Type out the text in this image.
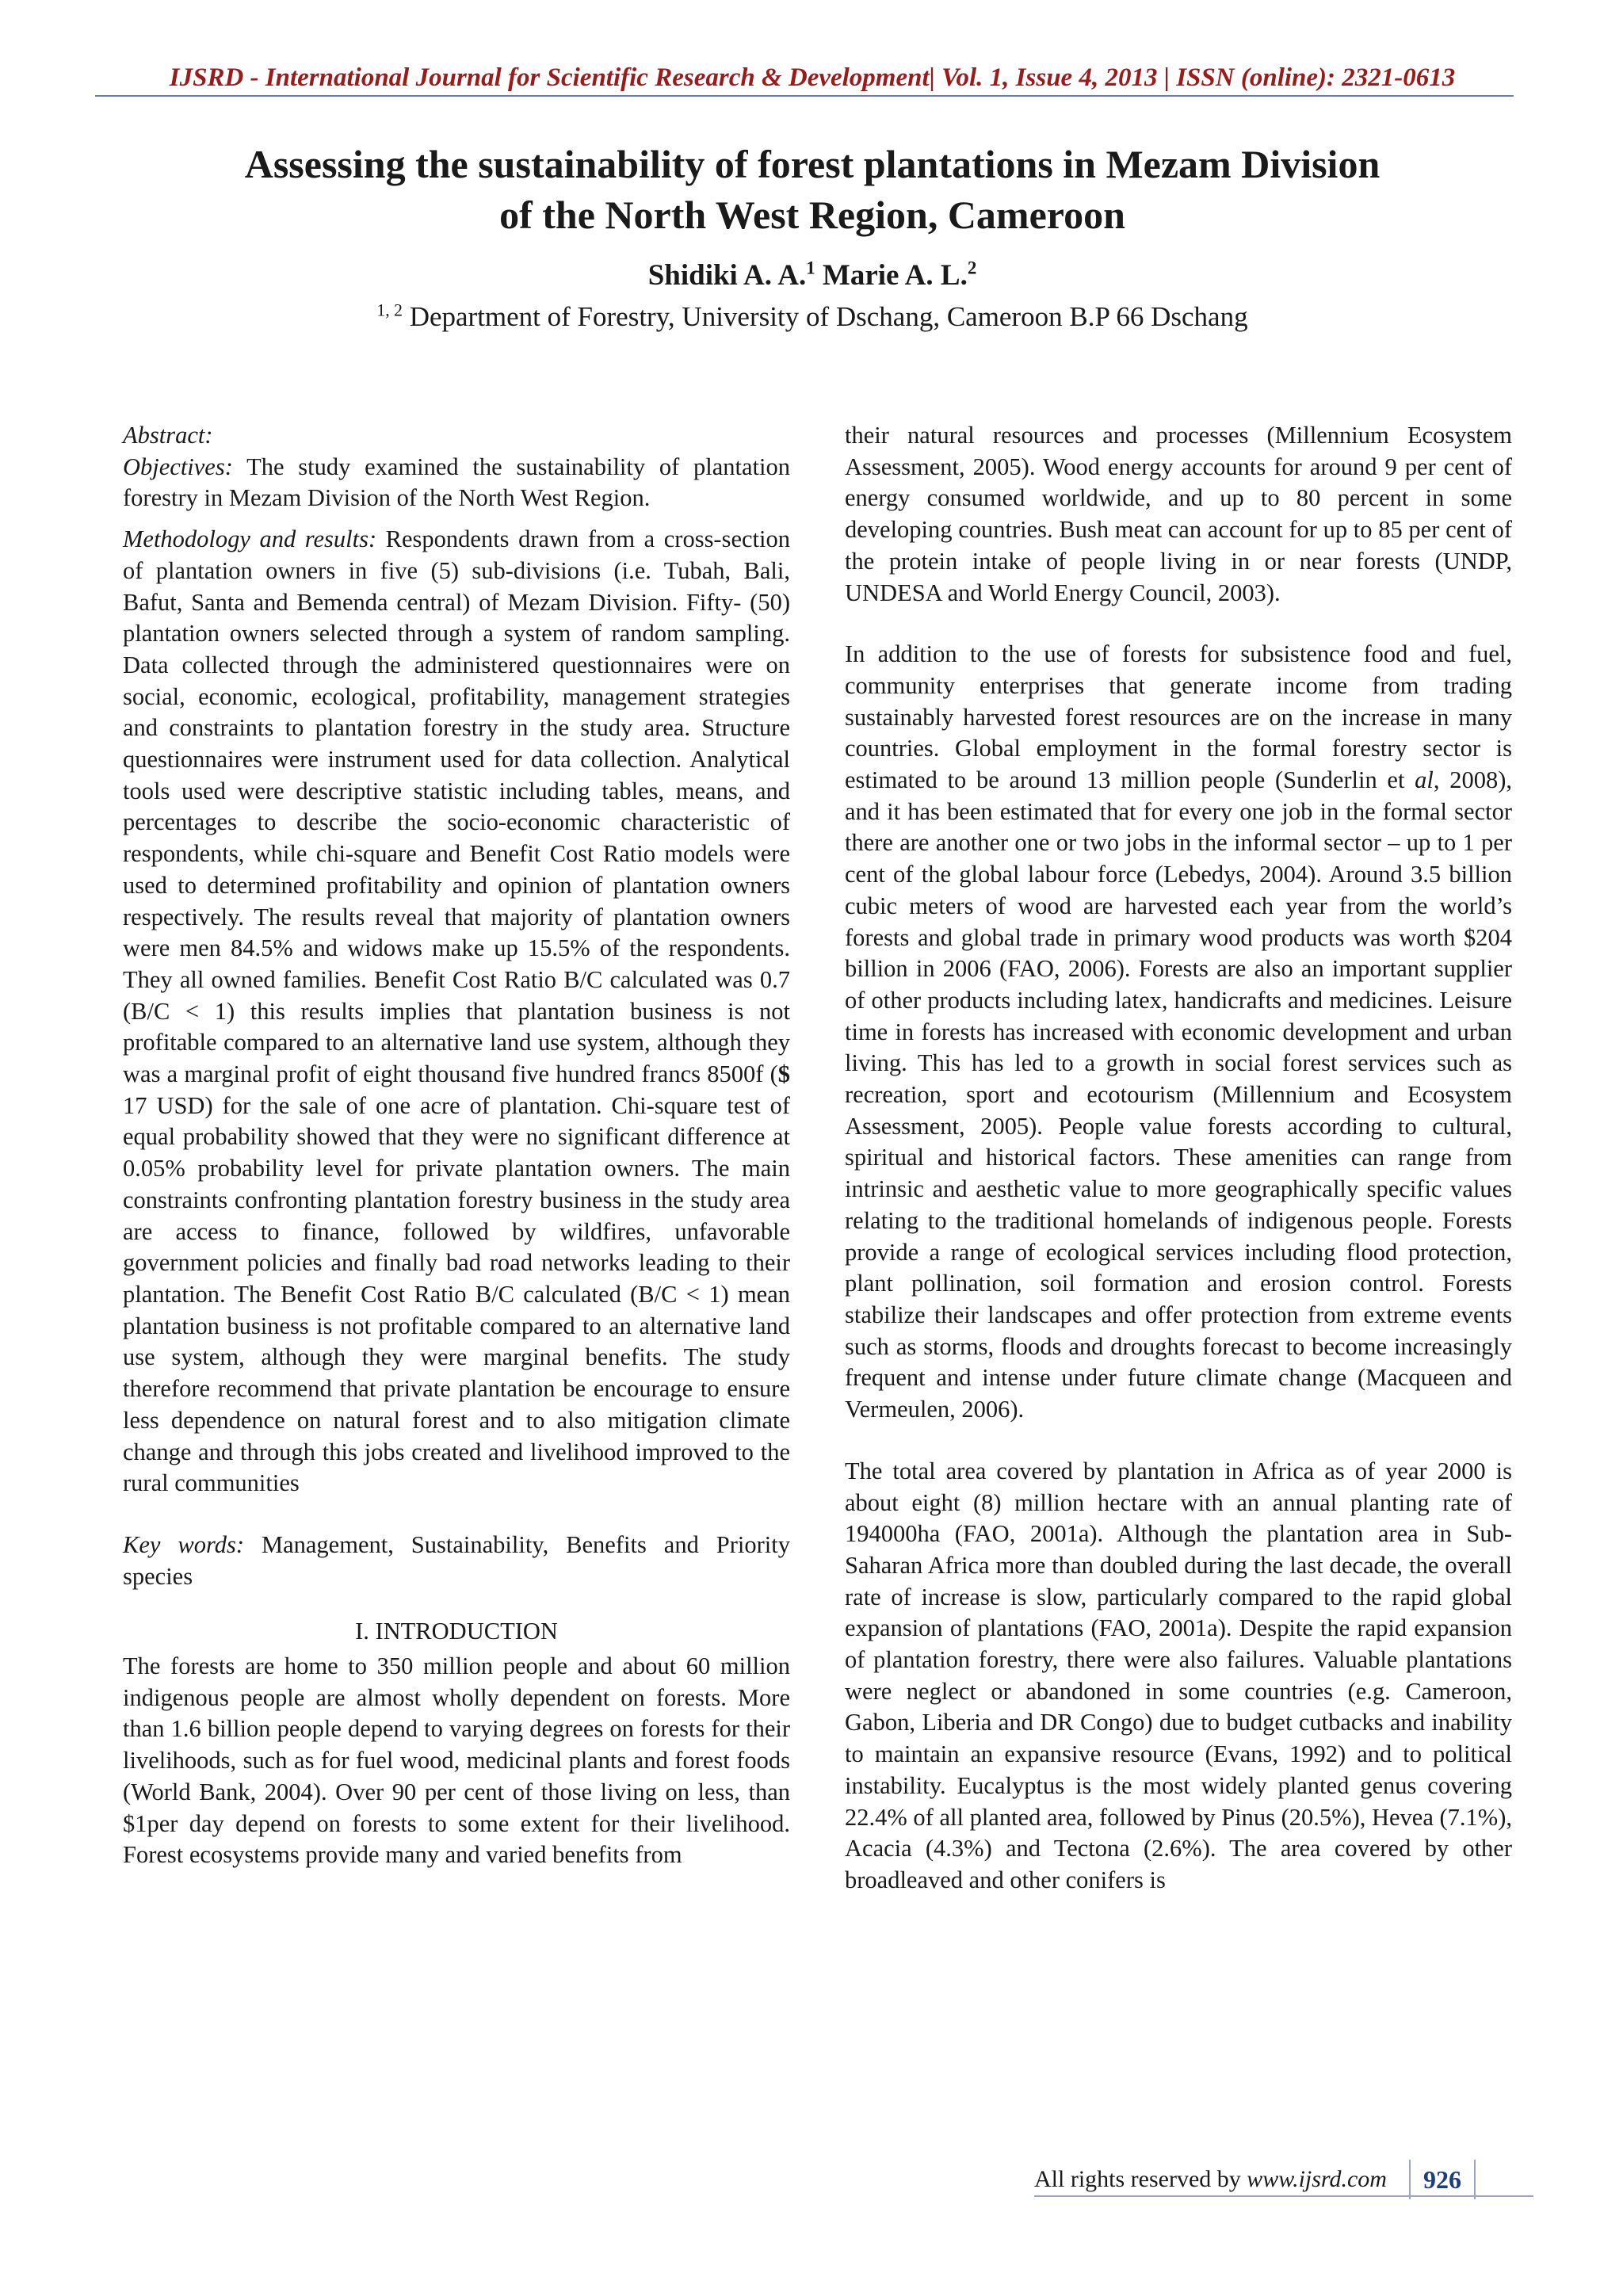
IJSRD - International Journal for Scientific Research & Development| Vol. 1, Issue 4, 2013 | ISSN (online): 2321-0613
Assessing the sustainability of forest plantations in Mezam Division
of the North West Region, Cameroon
Shidiki A. A.$^1$ Marie A. L.$^2$
$^{1, 2}$ Department of Forestry, University of Dschang, Cameroon B.P 66 Dschang

Abstract:

Objectives: The study examined the sustainability of plantation forestry in Mezam Division of the North West Region.

Methodology and results: Respondents drawn from a cross-section of plantation owners in five (5) sub-divisions (i.e. Tubah, Bali, Bafut, Santa and Bemenda central) of Mezam Division. Fifty- (50) plantation owners selected through a system of random sampling. Data collected through the administered questionnaires were on social, economic, ecological, profitability, management strategies and constraints to plantation forestry in the study area. Structure questionnaires were instrument used for data collection. Analytical tools used were descriptive statistic including tables, means, and percentages to describe the socio-economic characteristic of respondents, while chi-square and Benefit Cost Ratio models were used to determined profitability and opinion of plantation owners respectively. The results reveal that majority of plantation owners were men 84.5% and widows make up 15.5% of the respondents. They all owned families. Benefit Cost Ratio B/C calculated was 0.7 (B/C < 1) this results implies that plantation business is not profitable compared to an alternative land use system, although they was a marginal profit of eight thousand five hundred francs 8500f ($ 17 USD) for the sale of one acre of plantation. Chi-square test of equal probability showed that they were no significant difference at 0.05% probability level for private plantation owners. The main constraints confronting plantation forestry business in the study area are access to finance, followed by wildfires, unfavorable government policies and finally bad road networks leading to their plantation. The Benefit Cost Ratio B/C calculated (B/C < 1) mean plantation business is not profitable compared to an alternative land use system, although they were marginal benefits. The study therefore recommend that private plantation be encourage to ensure less dependence on natural forest and to also mitigation climate change and through this jobs created and livelihood improved to the rural communities

Key words: Management, Sustainability, Benefits and Priority species

I. INTRODUCTION

The forests are home to 350 million people and about 60 million indigenous people are almost wholly dependent on forests. More than 1.6 billion people depend to varying degrees on forests for their livelihoods, such as for fuel wood, medicinal plants and forest foods (World Bank, 2004). Over 90 per cent of those living on less, than $1per day depend on forests to some extent for their livelihood. Forest ecosystems provide many and varied benefits from

their natural resources and processes (Millennium Ecosystem Assessment, 2005). Wood energy accounts for around 9 per cent of energy consumed worldwide, and up to 80 percent in some developing countries. Bush meat can account for up to 85 per cent of the protein intake of people living in or near forests (UNDP, UNDESA and World Energy Council, 2003).

In addition to the use of forests for subsistence food and fuel, community enterprises that generate income from trading sustainably harvested forest resources are on the increase in many countries. Global employment in the formal forestry sector is estimated to be around 13 million people (Sunderlin et al, 2008), and it has been estimated that for every one job in the formal sector there are another one or two jobs in the informal sector – up to 1 per cent of the global labour force (Lebedys, 2004). Around 3.5 billion cubic meters of wood are harvested each year from the world’s forests and global trade in primary wood products was worth $204 billion in 2006 (FAO, 2006). Forests are also an important supplier of other products including latex, handicrafts and medicines. Leisure time in forests has increased with economic development and urban living. This has led to a growth in social forest services such as recreation, sport and ecotourism (Millennium and Ecosystem Assessment, 2005). People value forests according to cultural, spiritual and historical factors. These amenities can range from intrinsic and aesthetic value to more geographically specific values relating to the traditional homelands of indigenous people. Forests provide a range of ecological services including flood protection, plant pollination, soil formation and erosion control. Forests stabilize their landscapes and offer protection from extreme events such as storms, floods and droughts forecast to become increasingly frequent and intense under future climate change (Macqueen and Vermeulen, 2006).

The total area covered by plantation in Africa as of year 2000 is about eight (8) million hectare with an annual planting rate of 194000ha (FAO, 2001a). Although the plantation area in Sub-Saharan Africa more than doubled during the last decade, the overall rate of increase is slow, particularly compared to the rapid global expansion of plantations (FAO, 2001a). Despite the rapid expansion of plantation forestry, there were also failures. Valuable plantations were neglect or abandoned in some countries (e.g. Cameroon, Gabon, Liberia and DR Congo) due to budget cutbacks and inability to maintain an expansive resource (Evans, 1992) and to political instability. Eucalyptus is the most widely planted genus covering 22.4% of all planted area, followed by Pinus (20.5%), Hevea (7.1%), Acacia (4.3%) and Tectona (2.6%). The area covered by other broadleaved and other conifers is

All rights reserved by www.ijsrd.com	926
